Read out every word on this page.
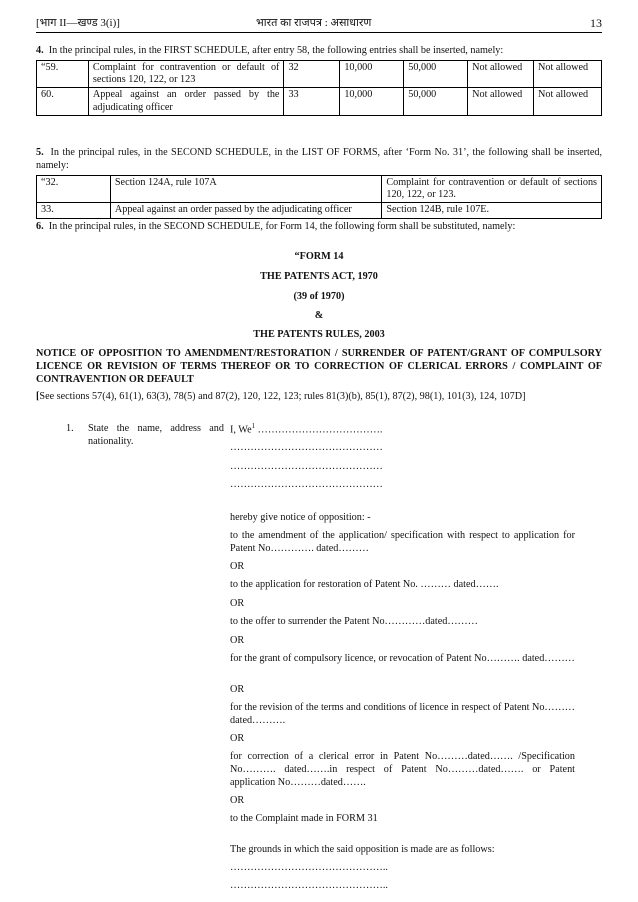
[भाग II—खण्ड 3(i)]	भारत का राजपत्र : असाधारण	13
4. In the principal rules, in the FIRST SCHEDULE, after entry 58, the following entries shall be inserted, namely:
“59.	Complaint for contravention or default of sections 120, 122, or 123	32	10,000	50,000	Not allowed	Not allowed
60.	Appeal against an order passed by the adjudicating officer	33	10,000	50,000	Not allowed	Not allowed
5. In the principal rules, in the SECOND SCHEDULE, in the LIST OF FORMS, after ‘Form No. 31’, the following shall be inserted, namely:
“32.	Section 124A, rule 107A	Complaint for contravention or default of sections 120, 122, or 123.
33.	Appeal against an order passed by the adjudicating officer	Section 124B, rule 107E.
6. In the principal rules, in the SECOND SCHEDULE, for Form 14, the following form shall be substituted, namely:
“FORM 14
THE PATENTS ACT, 1970
(39 of 1970)
&
THE PATENTS RULES, 2003
NOTICE OF OPPOSITION TO AMENDMENT/RESTORATION / SURRENDER OF PATENT/GRANT OF COMPULSORY LICENCE OR REVISION OF TERMS THEREOF OR TO CORRECTION OF CLERICAL ERRORS / COMPLAINT OF CONTRAVENTION OR DEFAULT
[See sections 57(4), 61(1), 63(3), 78(5) and 87(2), 120, 122, 123; rules 81(3)(b), 85(1), 87(2), 98(1), 101(3), 124, 107D]
1. State the name, address and nationality.
I, We$^1$ ……………………………….
………………………………………
………………………………………
………………………………………
hereby give notice of opposition: -
to the amendment of the application/ specification with respect to application for Patent No…………. dated………
OR
to the application for restoration of Patent No. ……… dated…….
OR
to the offer to surrender the Patent No…………dated………
OR
for the grant of compulsory licence, or revocation of Patent No………. dated………
OR
for the revision of the terms and conditions of licence in respect of Patent No………dated……….
OR
for correction of a clerical error in Patent No………dated……. /Specification No………. dated…….in respect of Patent No………dated……. or Patent application No………dated…….
OR
to the Complaint made in FORM 31
The grounds in which the said opposition is made are as follows:
………………………………………..
………………………………………..
